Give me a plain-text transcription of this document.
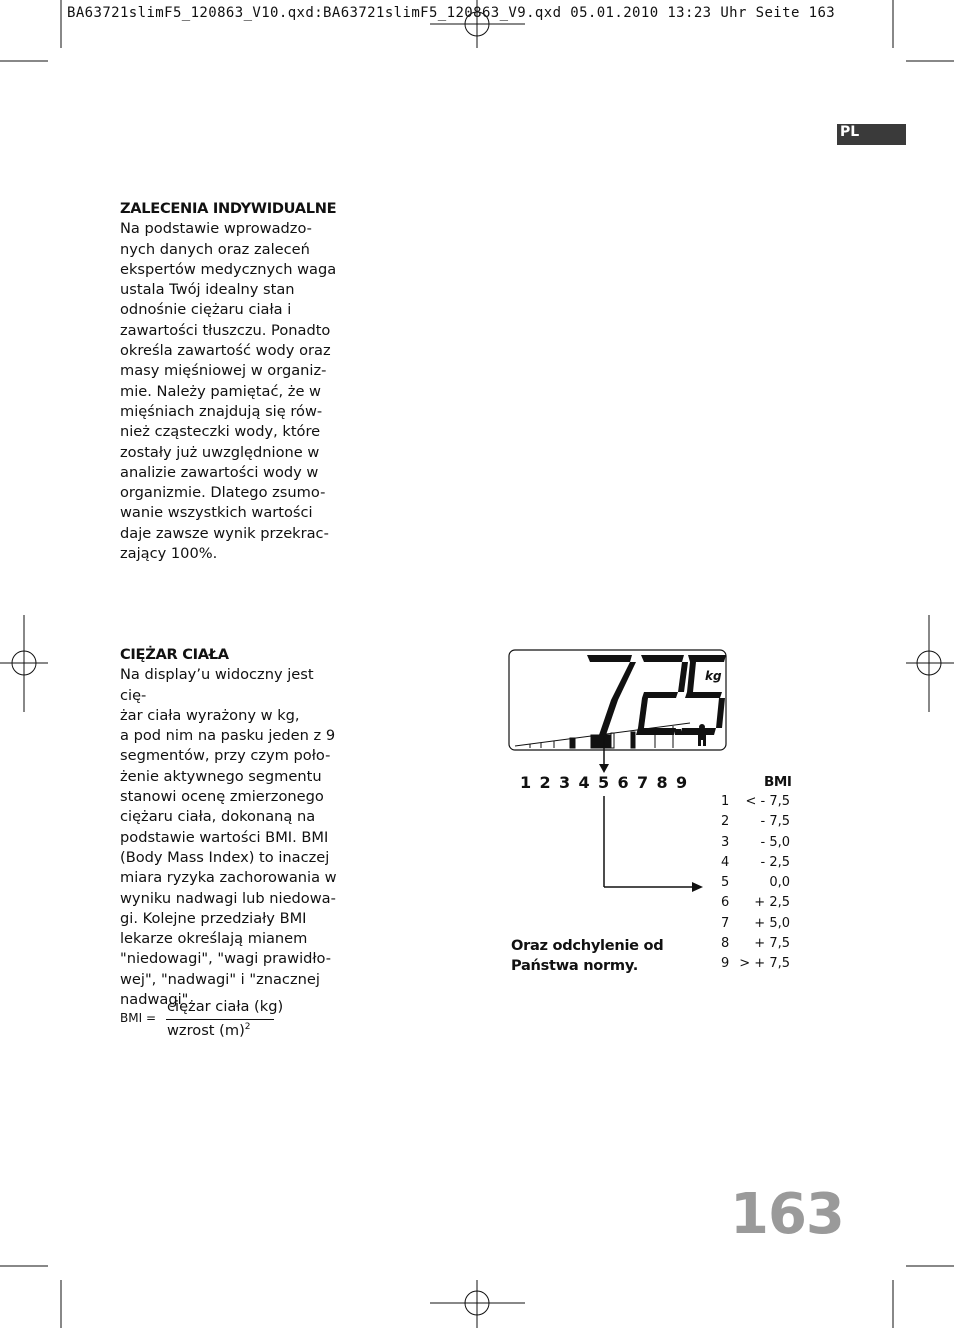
BA63721slimF5_120863_V10.qxd:BA63721slimF5_120863_V9.qxd 05.01.2010 13:23 Uhr Seite 163

PL
ZALECENIA INDYWIDUALNE

Na podstawie wprowadzo-
nych danych oraz zaleceń
ekspertów medycznych waga
ustala Twój idealny stan
odnośnie ciężaru ciała i
zawartości tłuszczu. Ponadto
określa zawartość wody oraz
masy mięśniowej w organiz-
mie. Należy pamiętać, że w
mięśniach znajdują się rów-
nież cząsteczki wody, które
zostały już uwzględnione w
analizie zawartości wody w
organizmie. Dlatego zsumo-
wanie wszystkich wartości
daje zawsze wynik przekrac-
zający 100%.

CIĘŻAR CIAŁA

Na display’u widoczny jest cię-
żar ciała wyrażony w kg,
a pod nim na pasku jeden z 9
segmentów, przy czym poło-
żenie aktywnego segmentu
stanowi ocenę zmierzonego
ciężaru ciała, dokonaną na
podstawie wartości BMI. BMI
(Body Mass Index) to inaczej
miara ryzyka zachorowania w
wyniku nadwagi lub niedowa-
gi. Kolejne przedziały BMI
lekarze określają mianem
"niedowagi", "wagi prawidło-
wej", "nadwagi" i "znacznej
nadwagi".

BMI =
ciężar ciała (kg)
wzrost $(m)^2$
kg
1 2 3 4 5 6 7 8 9	BMI
1 < - 7,5
2 - 7,5
3 - 5,0
4 - 2,5
5	0,0
6 + 2,5
7 + 5,0
8 + 7,5
9 > + 7,5
Oraz odchylenie od
Państwa normy.
163
